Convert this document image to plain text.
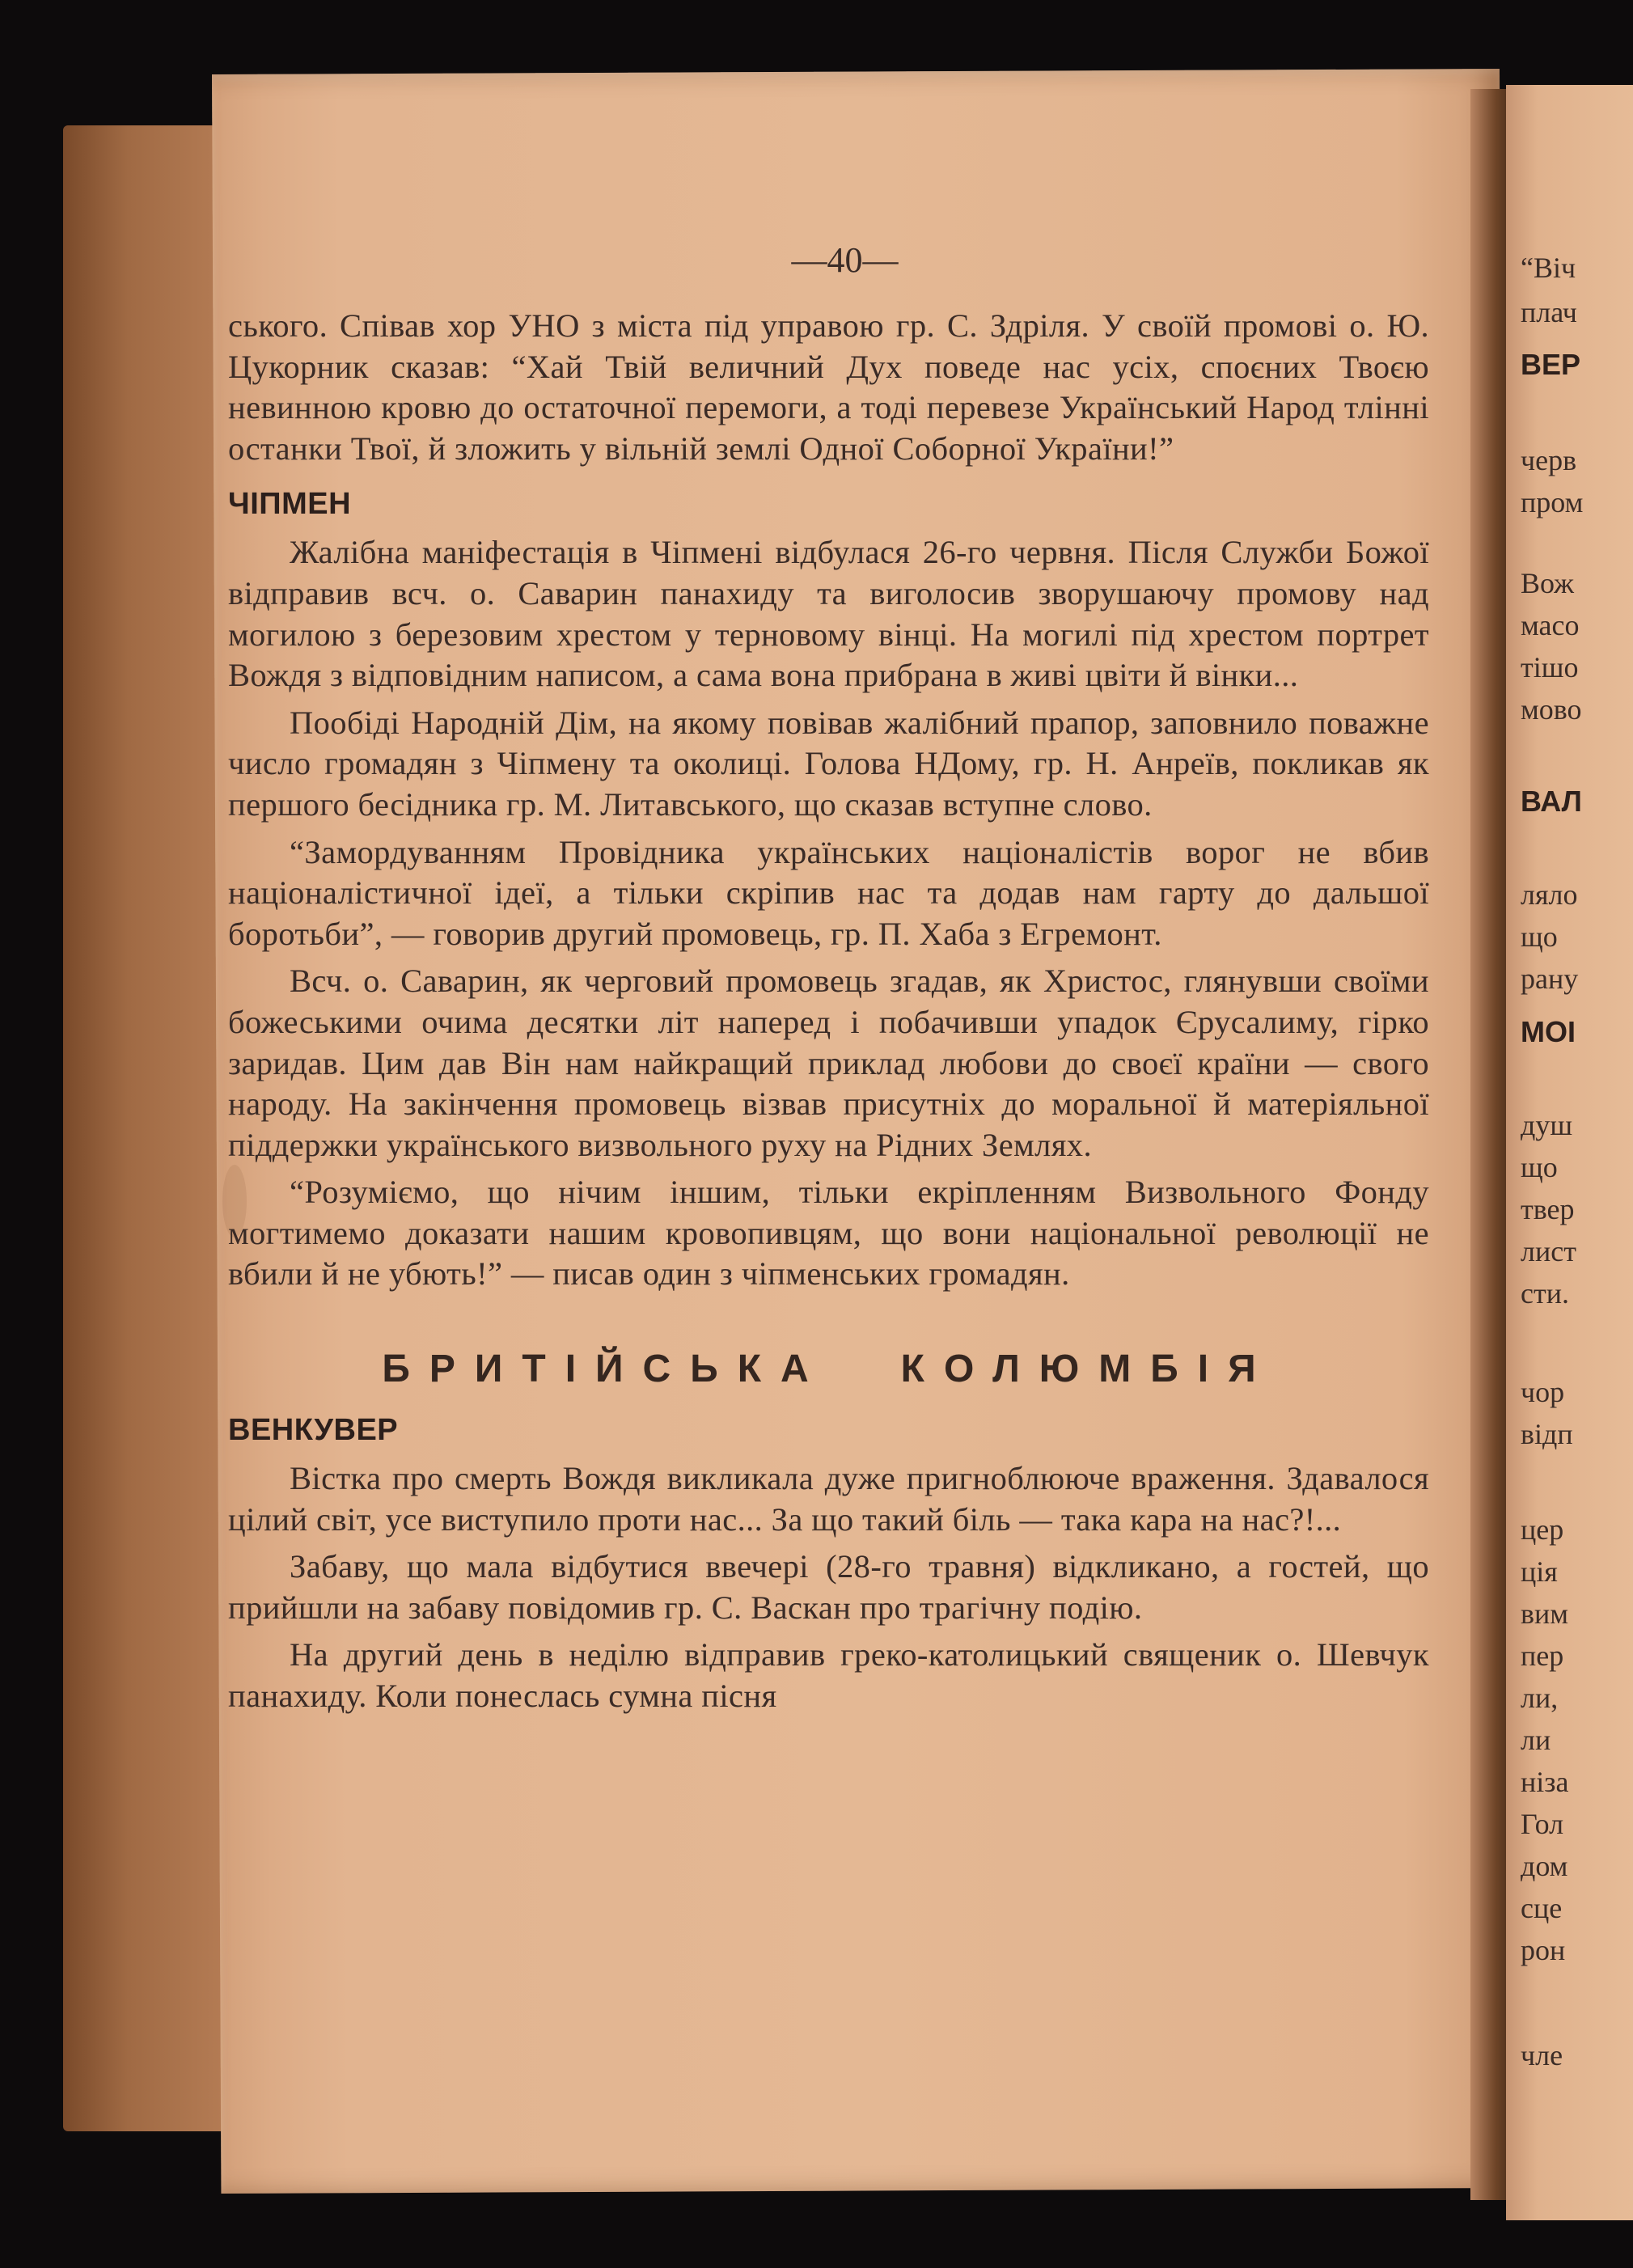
“Віч
плач
ВЕР
черв
пром
Вож
масо
тішо
мово
ВАЛ
ляло
що
рану
МОІ
душ
що
твер
лист
сти.
чор
відп
цер
ція
вим
пер
ли,
ли
ніза
Гол
дом
сце
рон
чле
—40—

ського. Співав хор УНО з міста під управою гр. С. Здріля. У своїй промові о. Ю. Цукорник сказав: “Хай Твій величний Дух поведе нас усіх, споєних Твоєю невинною кровю до остаточної перемоги, а тоді перевезе Український Народ тлінні останки Твої, й зложить у вільній землі Одної Соборної України!”

ЧІПМЕН

Жалібна маніфестація в Чіпмені відбулася 26-го червня. Після Служби Божої відправив всч. о. Саварин панахиду та виголосив зворушаючу промову над могилою з березовим хрестом у терновому вінці. На могилі під хрестом портрет Вождя з відповідним написом, а сама вона прибрана в живі цвіти й вінки...

Пообіді Народній Дім, на якому повівав жалібний прапор, заповнило поважне число громадян з Чіпмену та околиці. Голова НДому, гр. Н. Анреїв, покликав як першого бесідника гр. М. Литавського, що сказав вступне слово.

“Замордуванням Провідника українських націоналістів ворог не вбив націоналістичної ідеї, а тільки скріпив нас та додав нам гарту до дальшої боротьби”, — говорив другий промовець, гр. П. Хаба з Егремонт.

Всч. о. Саварин, як черговий промовець згадав, як Христос, глянувши своїми божеськими очима десятки літ наперед і побачивши упадок Єрусалиму, гірко заридав. Цим дав Він нам найкращий приклад любови до своєї країни — свого народу. На закінчення промовець візвав присутніх до моральної й матеріяльної піддержки українського визвольного руху на Рідних Землях.

“Розуміємо, що нічим іншим, тільки екріпленням Визвольного Фонду могтимемо доказати нашим кровопивцям, що вони національної революції не вбили й не убють!” — писав один з чіпменських громадян.

БРИТІЙСЬКА КОЛЮМБІЯ
ВЕНКУВЕР

Вістка про смерть Вождя викликала дуже пригноблююче враження. Здавалося цілий світ, усе виступило проти нас... За що такий біль — така кара на нас?!...

Забаву, що мала відбутися ввечері (28-го травня) відкликано, а гостей, що прийшли на забаву повідомив гр. С. Васкан про трагічну подію.

На другий день в неділю відправив греко-католицький священик о. Шевчук панахиду. Коли понеслась сумна пісня
